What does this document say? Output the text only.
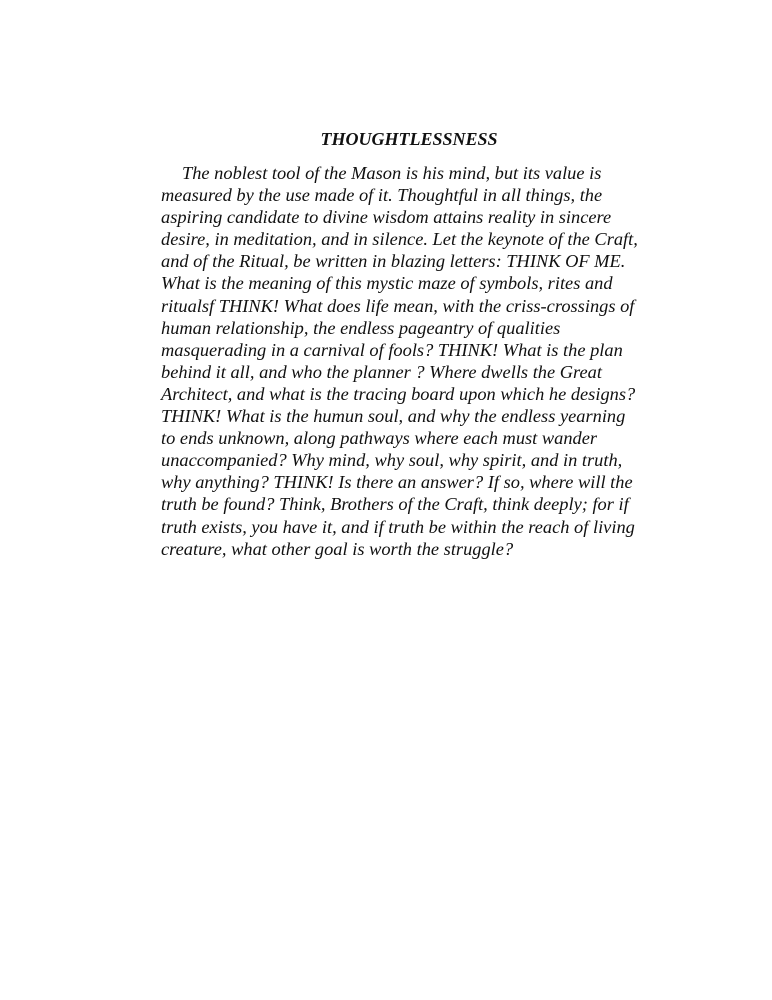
THOUGHTLESSNESS
The noblest tool of the Mason is his mind, but its value is
measured by the use made of it. Thoughtful in all things, the
aspiring candidate to divine wisdom attains reality in sincere
desire, in meditation, and in silence. Let the keynote of the Craft,
and of the Ritual, be written in blazing letters: THINK OF ME.
What is the meaning of this mystic maze of symbols, rites and
ritualsf THINK! What does life mean, with the criss-crossings of
human relationship, the endless pageantry of qualities
masquerading in a carnival of fools? THINK! What is the plan
behind it all, and who the planner ? Where dwells the Great
Architect, and what is the tracing board upon which he designs?
THINK! What is the humun soul, and why the endless yearning
to ends unknown, along pathways where each must wander
unaccompanied? Why mind, why soul, why spirit, and in truth,
why anything? THINK! Is there an answer? If so, where will the
truth be found? Think, Brothers of the Craft, think deeply; for if
truth exists, you have it, and if truth be within the reach of living
creature, what other goal is worth the struggle?
